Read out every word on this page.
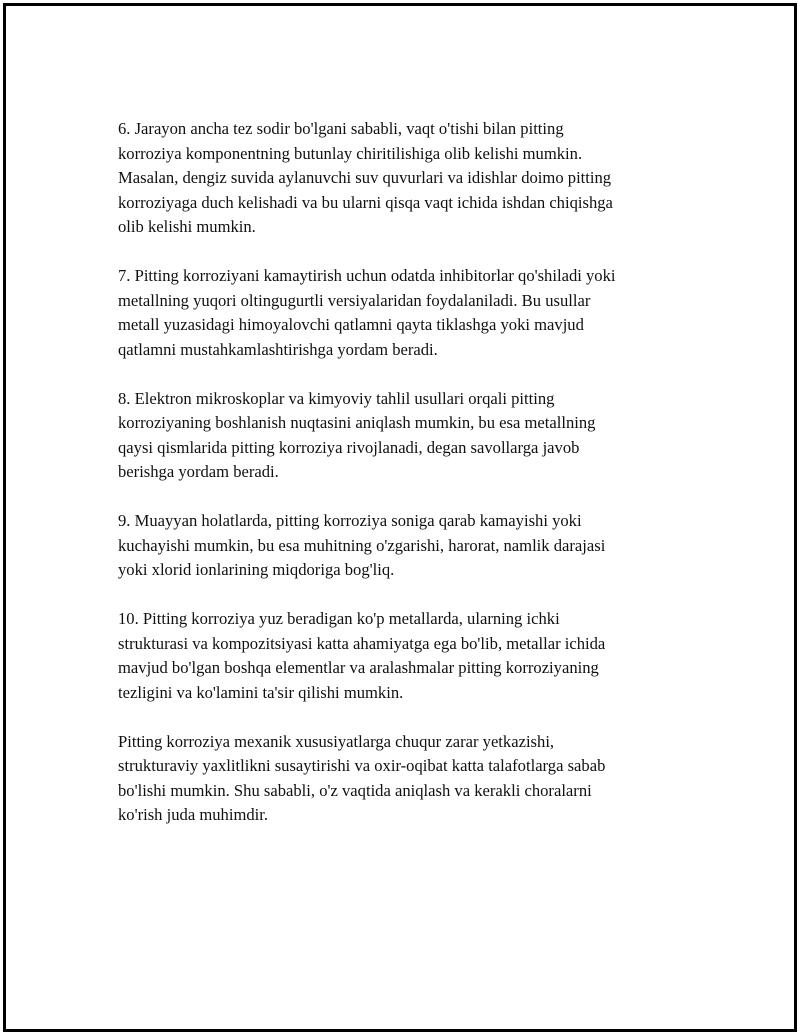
6. Jarayon ancha tez sodir bo'lgani sababli, vaqt o'tishi bilan pitting
korroziya komponentning butunlay chiritilishiga olib kelishi mumkin.
Masalan, dengiz suvida aylanuvchi suv quvurlari va idishlar doimo pitting
korroziyaga duch kelishadi va bu ularni qisqa vaqt ichida ishdan chiqishga
olib kelishi mumkin.

7. Pitting korroziyani kamaytirish uchun odatda inhibitorlar qo'shiladi yoki
metallning yuqori oltingugurtli versiyalaridan foydalaniladi. Bu usullar
metall yuzasidagi himoyalovchi qatlamni qayta tiklashga yoki mavjud
qatlamni mustahkamlashtirishga yordam beradi.

8. Elektron mikroskoplar va kimyoviy tahlil usullari orqali pitting
korroziyaning boshlanish nuqtasini aniqlash mumkin, bu esa metallning
qaysi qismlarida pitting korroziya rivojlanadi, degan savollarga javob
berishga yordam beradi.

9. Muayyan holatlarda, pitting korroziya soniga qarab kamayishi yoki
kuchayishi mumkin, bu esa muhitning o'zgarishi, harorat, namlik darajasi
yoki xlorid ionlarining miqdoriga bog'liq.

10. Pitting korroziya yuz beradigan ko'p metallarda, ularning ichki
strukturasi va kompozitsiyasi katta ahamiyatga ega bo'lib, metallar ichida
mavjud bo'lgan boshqa elementlar va aralashmalar pitting korroziyaning
tezligini va ko'lamini ta'sir qilishi mumkin.

Pitting korroziya mexanik xususiyatlarga chuqur zarar yetkazishi,
strukturaviy yaxlitlikni susaytirishi va oxir-oqibat katta talafotlarga sabab
bo'lishi mumkin. Shu sababli, o'z vaqtida aniqlash va kerakli choralarni
ko'rish juda muhimdir.
